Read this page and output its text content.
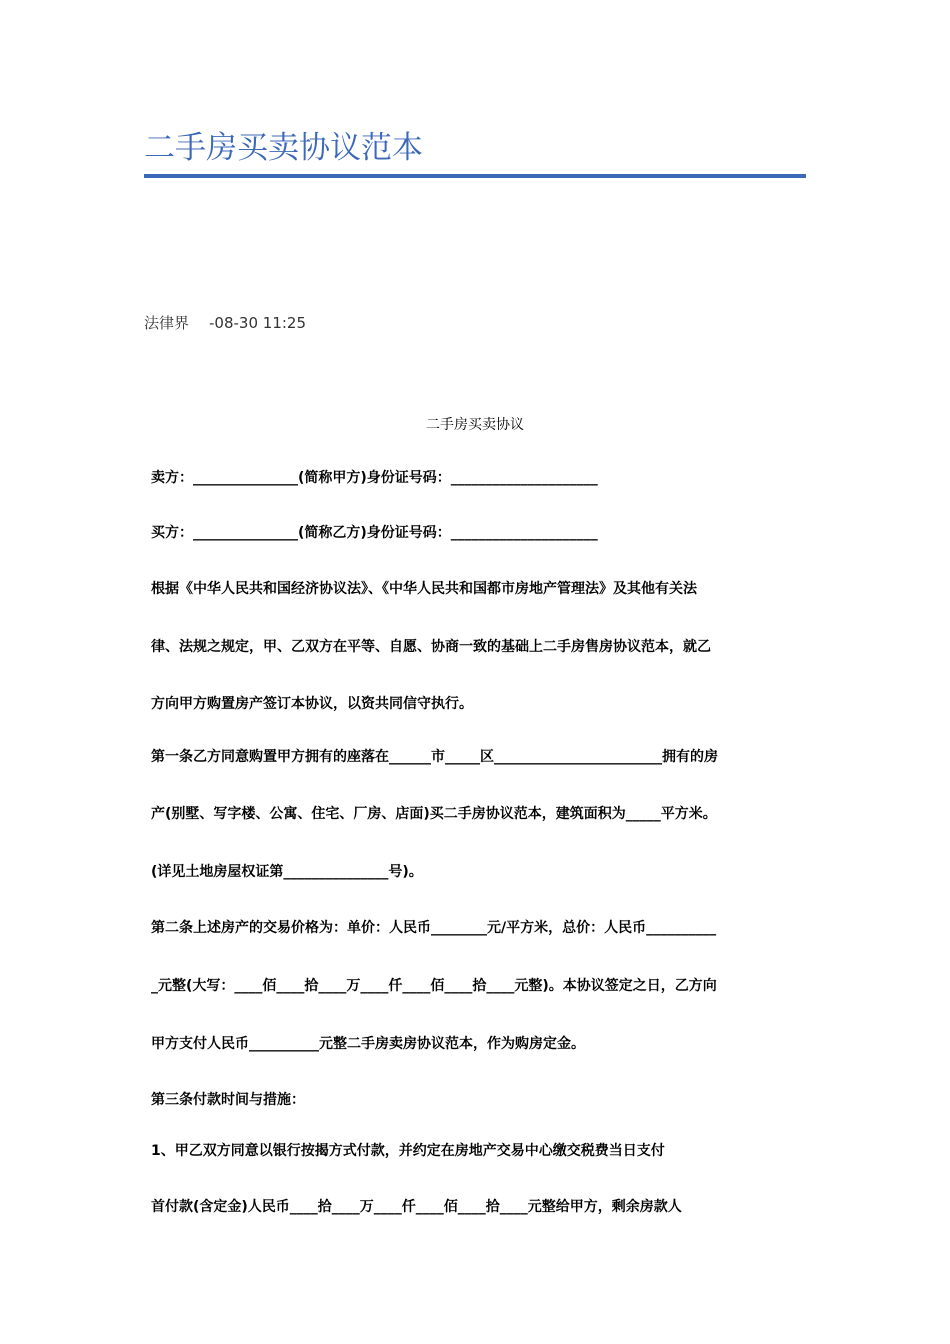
二手房买卖协议范本
法律界 -08-30 11:25
二手房买卖协议
卖方：_______________(简称甲方)身份证号码：_____________________
买方：_______________(简称乙方)身份证号码：_____________________
根据《中华人民共和国经济协议法》、《中华人民共和国都市房地产管理法》及其他有关法
律、法规之规定，甲、乙双方在平等、自愿、协商一致的基础上二手房售房协议范本，就乙
方向甲方购置房产签订本协议，以资共同信守执行。
第一条乙方同意购置甲方拥有的座落在______市_____区________________________拥有的房
产(别墅、写字楼、公寓、住宅、厂房、店面)买二手房协议范本，建筑面积为_____平方米。
(详见土地房屋权证第_______________号)。
第二条上述房产的交易价格为：单价：人民币________元/平方米，总价：人民币__________
_元整(大写：____佰____拾____万____仟____佰____拾____元整)。本协议签定之日，乙方向
甲方支付人民币__________元整二手房卖房协议范本，作为购房定金。
第三条付款时间与措施：
1、甲乙双方同意以银行按揭方式付款，并约定在房地产交易中心缴交税费当日支付
首付款(含定金)人民币____拾____万____仟____佰____拾____元整给甲方，剩余房款人
